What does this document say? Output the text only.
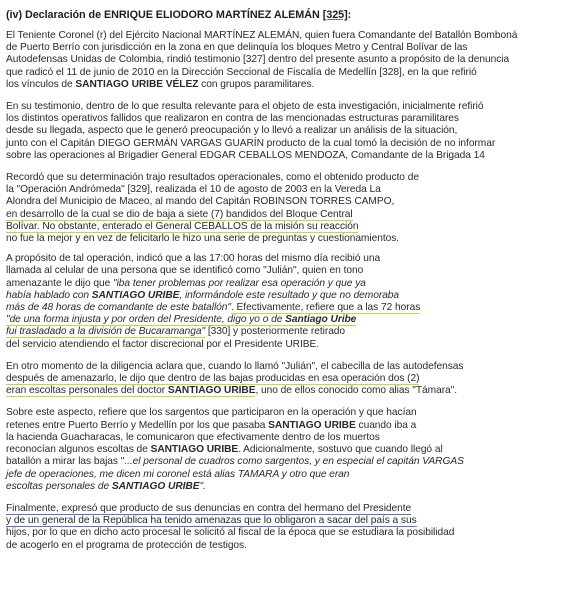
(iv) Declaración de ENRIQUE ELIODORO MARTÍNEZ ALEMÁN [325]:
El Teniente Coronel (r) del Ejército Nacional MARTÍNEZ ALEMÁN, quien fuera Comandante del Batallón Bomboná
de Puerto Berrío con jurisdicción en la zona en que delinquía los bloques Metro y Central Bolívar de las
Autodefensas Unidas de Colombia, rindió testimonio [327] dentro del presente asunto a propósito de la denuncia
que radicó el 11 de junio de 2010 en la Dirección Seccional de Fiscalía de Medellín [328], en la que refirió
los vínculos de SANTIAGO URIBE VÉLEZ con grupos paramilitares.
En su testimonio, dentro de lo que resulta relevante para el objeto de esta investigación, inicialmente refirió
los distintos operativos fallidos que realizaron en contra de las mencionadas estructuras paramilitares
desde su llegada, aspecto que le generó preocupación y lo llevó a realizar un análisis de la situación,
junto con el Capitán DIEGO GERMÁN VARGAS GUARÍN producto de la cual tomó la decisión de no informar
sobre las operaciones al Brigadier General EDGAR CEBALLOS MENDOZA, Comandante de la Brigada 14
Recordó que su determinación trajo resultados operacionales, como el obtenido producto de
la "Operación Andrómeda" [329], realizada el 10 de agosto de 2003 en la Vereda La
Alondra del Municipio de Maceo, al mando del Capitán ROBINSON TORRES CAMPO,
en desarrollo de la cual se dio de baja a siete (7) bandidos del Bloque Central
Bolívar. No obstante, enterado el General CEBALLOS de la misión su reacción
no fue la mejor y en vez de felicitarlo le hizo una serie de preguntas y cuestionamientos.
A propósito de tal operación, indicó que a las 17:00 horas del mismo día recibió una
llamada al celular de una persona que se identificó como "Julián", quien en tono
amenazante le dijo que "iba tener problemas por realizar esa operación y que ya
había hablado con SANTIAGO URIBE, informándole este resultado y que no demoraba
más de 48 horas de comandante de este batallón". Efectivamente, refiere que a las 72 horas
"de una forma injusta y por orden del Presidente, digo yo o de Santiago Uribe
fui trasladado a la división de Bucaramanga" [330] y posteriormente retirado
del servicio atendiendo el factor discrecional por el Presidente URIBE.
En otro momento de la diligencia aclara que, cuando lo llamó "Julián", el cabecilla de las autodefensas
después de amenazarlo, le dijo que dentro de las bajas producidas en esa operación dos (2)
eran escoltas personales del doctor SANTIAGO URIBE, uno de ellos conocido como alias "Támara".
Sobre este aspecto, refiere que los sargentos que participaron en la operación y que hacían
retenes entre Puerto Berrío y Medellín por los que pasaba SANTIAGO URIBE cuando iba a
la hacienda Guacharacas, le comunicaron que efectivamente dentro de los muertos
reconocían algunos escoltas de SANTIAGO URIBE. Adicionalmente, sostuvo que cuando llegó al
batallón a mirar las bajas "...el personal de cuadros como sargentos, y en especial el capitán VARGAS
jefe de operaciones, me dicen mi coronel está alias TAMARA y otro que eran
escoltas personales de SANTIAGO URIBE".
Finalmente, expresó que producto de sus denuncias en contra del hermano del Presidente
y de un general de la República ha tenido amenazas que lo obligaron a sacar del país a sus
hijos, por lo que en dicho acto procesal le solicitó al fiscal de la época que se estudiara la posibilidad
de acogerlo en el programa de protección de testigos.
